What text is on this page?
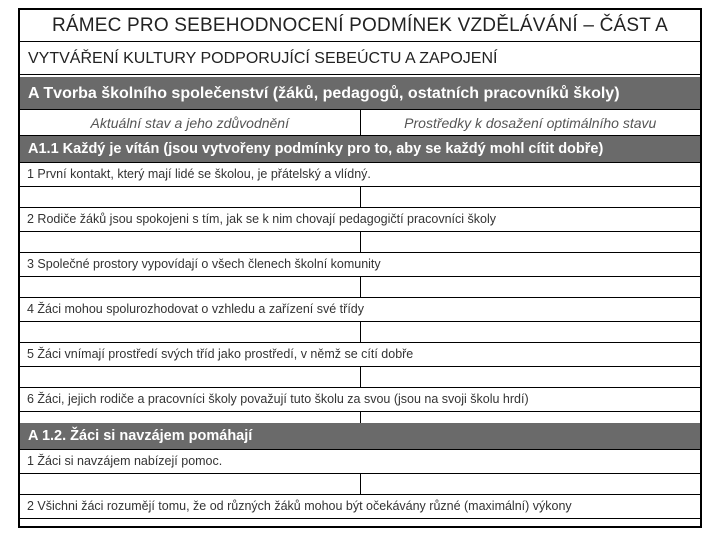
RÁMEC PRO SEBEHODNOCENÍ PODMÍNEK VZDĚLÁVÁNÍ – ČÁST A
VYTVÁŘENÍ KULTURY PODPORUJÍCÍ SEBEÚCTU A ZAPOJENÍ
A Tvorba školního společenství (žáků, pedagogů, ostatních pracovníků školy)
Aktuální stav a jeho zdůvodnění	Prostředky k dosažení optimálního stavu
A1.1 Každý je vítán (jsou vytvořeny podmínky pro to, aby se každý mohl cítit dobře)
1 První kontakt, který mají lidé se školou, je přátelský a vlídný.
2 Rodiče žáků jsou spokojeni s tím, jak se k nim chovají pedagogičtí pracovníci školy
3 Společné prostory vypovídají o všech členech školní komunity
4 Žáci mohou spolurozhodovat o vzhledu a zařízení své třídy
5 Žáci vnímají prostředí svých tříd jako prostředí, v němž se cítí dobře
6 Žáci, jejich rodiče a pracovníci školy považují tuto školu za svou (jsou na svoji školu hrdí)
A 1.2. Žáci si navzájem pomáhají
1 Žáci si navzájem nabízejí pomoc.
2 Všichni žáci rozumějí tomu, že od různých žáků mohou být očekávány různé (maximální) výkony
